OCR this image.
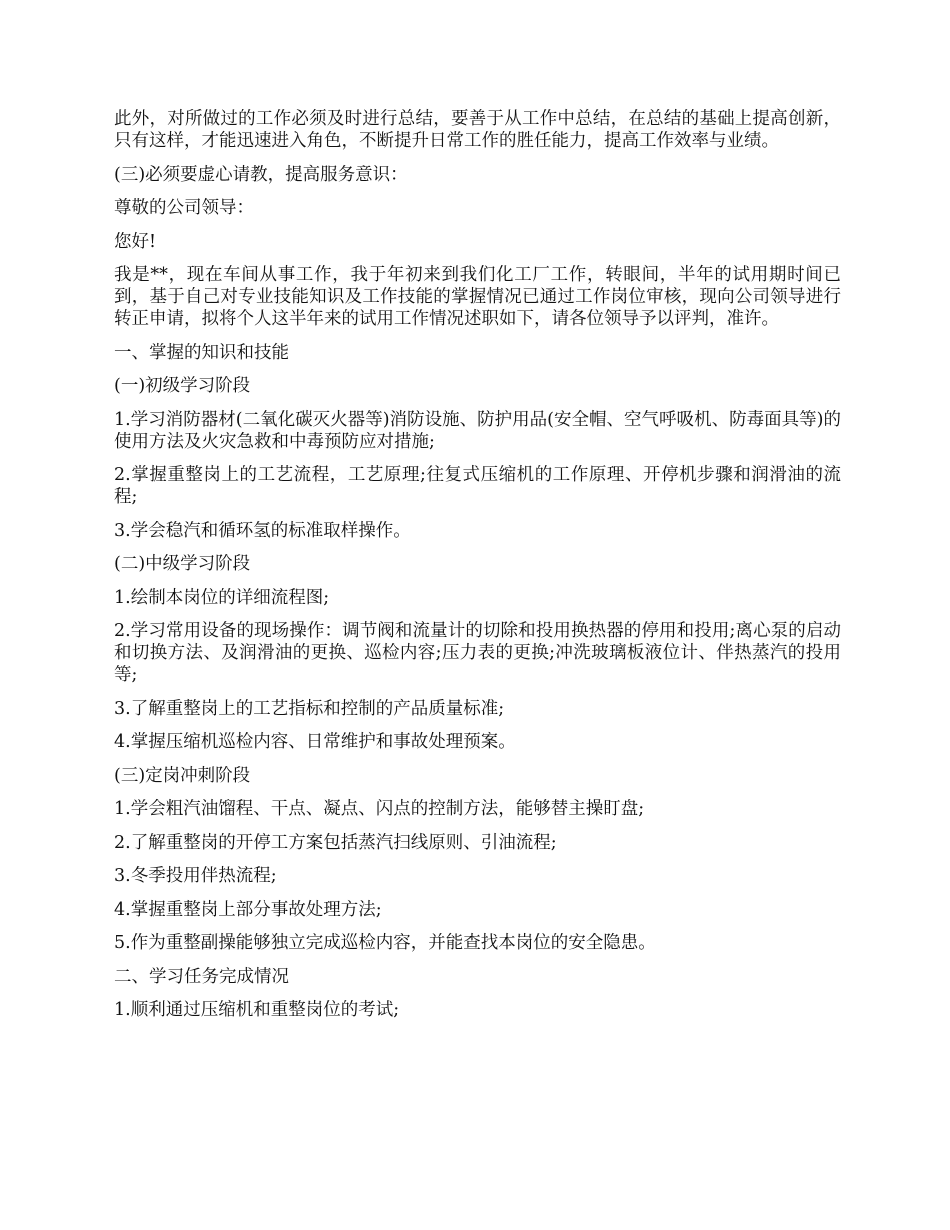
此外，对所做过的工作必须及时进行总结，要善于从工作中总结，在总结的基础上提高创新，只有这样，才能迅速进入角色，不断提升日常工作的胜任能力，提高工作效率与业绩。

(三)必须要虚心请教，提高服务意识：

尊敬的公司领导：

您好!

我是**，现在车间从事工作，我于年初来到我们化工厂工作，转眼间，半年的试用期时间已到，基于自己对专业技能知识及工作技能的掌握情况已通过工作岗位审核，现向公司领导进行转正申请，拟将个人这半年来的试用工作情况述职如下，请各位领导予以评判，准许。

一、掌握的知识和技能

(一)初级学习阶段

1.学习消防器材(二氧化碳灭火器等)消防设施、防护用品(安全帽、空气呼吸机、防毒面具等)的使用方法及火灾急救和中毒预防应对措施;

2.掌握重整岗上的工艺流程，工艺原理;往复式压缩机的工作原理、开停机步骤和润滑油的流程;

3.学会稳汽和循环氢的标准取样操作。

(二)中级学习阶段

1.绘制本岗位的详细流程图;

2.学习常用设备的现场操作：调节阀和流量计的切除和投用换热器的停用和投用;离心泵的启动和切换方法、及润滑油的更换、巡检内容;压力表的更换;冲洗玻璃板液位计、伴热蒸汽的投用等;

3.了解重整岗上的工艺指标和控制的产品质量标准;

4.掌握压缩机巡检内容、日常维护和事故处理预案。

(三)定岗冲刺阶段

1.学会粗汽油馏程、干点、凝点、闪点的控制方法，能够替主操盯盘;

2.了解重整岗的开停工方案包括蒸汽扫线原则、引油流程;

3.冬季投用伴热流程;

4.掌握重整岗上部分事故处理方法;

5.作为重整副操能够独立完成巡检内容，并能查找本岗位的安全隐患。

二、学习任务完成情况

1.顺利通过压缩机和重整岗位的考试;
